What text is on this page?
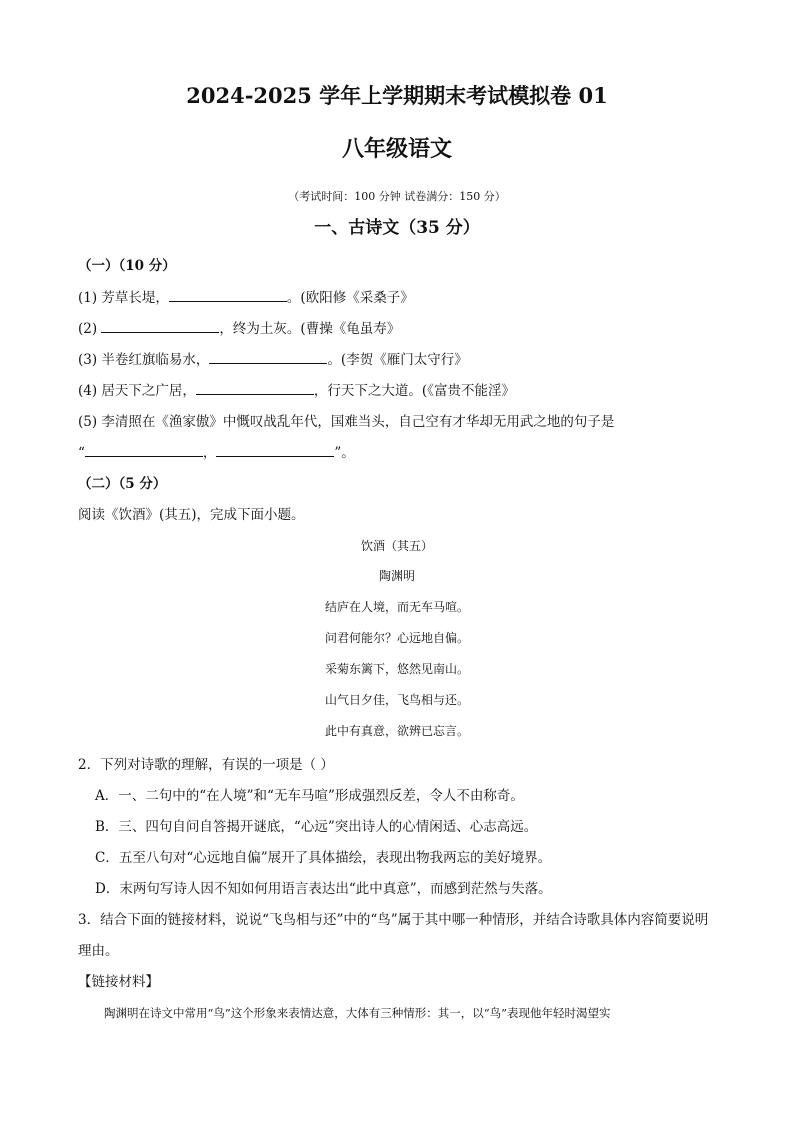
2024-2025 学年上学期期末考试模拟卷 01
八年级语文
（考试时间：100 分钟 试卷满分：150 分）
一、古诗文（35 分）
（一）（10 分）
(1) 芳草长堤，	。(欧阳修《采桑子》
(2)	，终为土灰。(曹操《龟虽寿》
(3) 半卷红旗临易水，	。(李贺《雁门太守行》
(4) 居天下之广居，	，行天下之大道。(《富贵不能淫》
(5) 李清照在《渔家傲》中慨叹战乱年代，国难当头，自己空有才华却无用武之地的句子是
“	，	”。
（二）（5 分）
阅读《饮酒》(其五)，完成下面小题。
饮酒（其五）
陶渊明
结庐在人境，而无车马喧。
问君何能尔？心远地自偏。
采菊东篱下，悠然见南山。
山气日夕佳，飞鸟相与还。
此中有真意，欲辨已忘言。
2．下列对诗歌的理解，有误的一项是（ ）
A．一、二句中的“在人境”和“无车马喧”形成强烈反差，令人不由称奇。
B．三、四句自问自答揭开谜底，“心远”突出诗人的心情闲适、心志高远。
C．五至八句对“心远地自偏”展开了具体描绘，表现出物我两忘的美好境界。
D．末两句写诗人因不知如何用语言表达出“此中真意”，而感到茫然与失落。
3．结合下面的链接材料，说说“飞鸟相与还”中的“鸟”属于其中哪一种情形，并结合诗歌具体内容简要说明
理由。
【链接材料】
陶渊明在诗文中常用“鸟”这个形象来表情达意，大体有三种情形：其一，以“鸟”表现他年轻时渴望实
